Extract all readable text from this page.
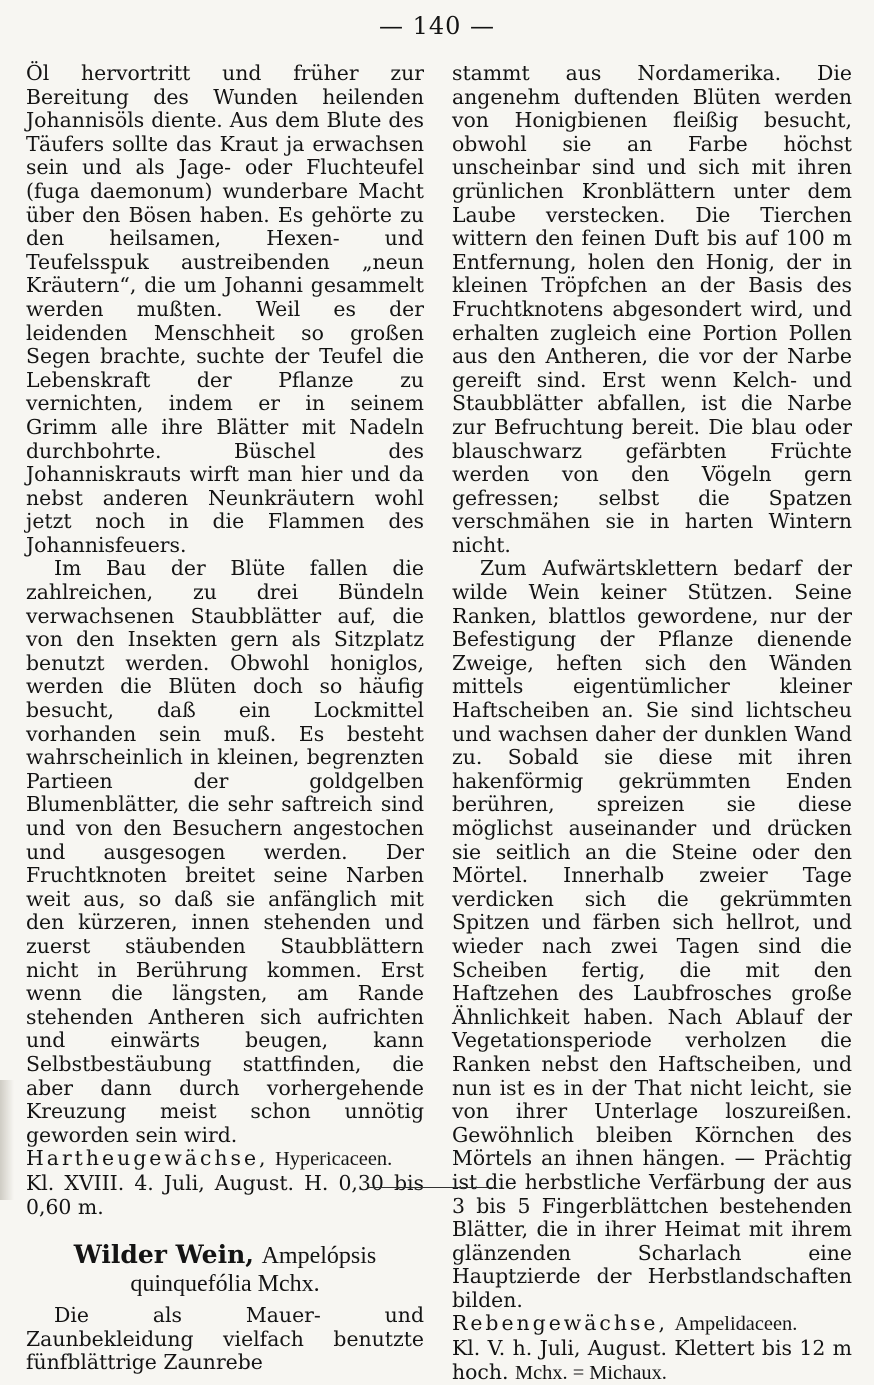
— 140 —

Öl hervortritt und früher zur Bereitung des Wunden heilenden Johannisöls diente. Aus dem Blute des Täufers sollte das Kraut ja erwachsen sein und als Jage- oder Fluchteufel (fuga daemonum) wunderbare Macht über den Bösen haben. Es gehörte zu den heilsamen, Hexen- und Teufelsspuk austreibenden „neun Kräutern“, die um Johanni gesammelt werden mußten. Weil es der leidenden Menschheit so großen Segen brachte, suchte der Teufel die Lebenskraft der Pflanze zu vernichten, indem er in seinem Grimm alle ihre Blätter mit Nadeln durchbohrte. Büschel des Johanniskrauts wirft man hier und da nebst anderen Neunkräutern wohl jetzt noch in die Flammen des Johannisfeuers.

Im Bau der Blüte fallen die zahlreichen, zu drei Bündeln verwachsenen Staubblätter auf, die von den Insekten gern als Sitzplatz benutzt werden. Obwohl honiglos, werden die Blüten doch so häufig besucht, daß ein Lockmittel vorhanden sein muß. Es besteht wahrscheinlich in kleinen, begrenzten Partieen der goldgelben Blumenblätter, die sehr saftreich sind und von den Besuchern angestochen und ausgesogen werden. Der Fruchtknoten breitet seine Narben weit aus, so daß sie anfänglich mit den kürzeren, innen stehenden und zuerst stäubenden Staubblättern nicht in Berührung kommen. Erst wenn die längsten, am Rande stehenden Antheren sich aufrichten und einwärts beugen, kann Selbstbestäubung stattfinden, die aber dann durch vorhergehende Kreuzung meist schon unnötig geworden sein wird.

Hartheugewächse, Hypericaceen.

Kl. XVIII. 4. Juli, August. H. 0,30 bis 0,60 m.

Wilder Wein, Ampelópsis
quinquefólia Mchx.

Die als Mauer- und Zaunbekleidung vielfach benutzte fünfblättrige Zaunrebe

stammt aus Nordamerika. Die angenehm duftenden Blüten werden von Honigbienen fleißig besucht, obwohl sie an Farbe höchst unscheinbar sind und sich mit ihren grünlichen Kronblättern unter dem Laube verstecken. Die Tierchen wittern den feinen Duft bis auf 100 m Entfernung, holen den Honig, der in kleinen Tröpfchen an der Basis des Fruchtknotens abgesondert wird, und erhalten zugleich eine Portion Pollen aus den Antheren, die vor der Narbe gereift sind. Erst wenn Kelch- und Staubblätter abfallen, ist die Narbe zur Befruchtung bereit. Die blau oder blauschwarz gefärbten Früchte werden von den Vögeln gern gefressen; selbst die Spatzen verschmähen sie in harten Wintern nicht.

Zum Aufwärtsklettern bedarf der wilde Wein keiner Stützen. Seine Ranken, blattlos gewordene, nur der Befestigung der Pflanze dienende Zweige, heften sich den Wänden mittels eigentümlicher kleiner Haftscheiben an. Sie sind lichtscheu und wachsen daher der dunklen Wand zu. Sobald sie diese mit ihren hakenförmig gekrümmten Enden berühren, spreizen sie diese möglichst auseinander und drücken sie seitlich an die Steine oder den Mörtel. Innerhalb zweier Tage verdicken sich die gekrümmten Spitzen und färben sich hellrot, und wieder nach zwei Tagen sind die Scheiben fertig, die mit den Haftzehen des Laubfrosches große Ähnlichkeit haben. Nach Ablauf der Vegetationsperiode verholzen die Ranken nebst den Haftscheiben, und nun ist es in der That nicht leicht, sie von ihrer Unterlage loszureißen. Gewöhnlich bleiben Körnchen des Mörtels an ihnen hängen. — Prächtig ist die herbstliche Verfärbung der aus 3 bis 5 Fingerblättchen bestehenden Blätter, die in ihrer Heimat mit ihrem glänzenden Scharlach eine Hauptzierde der Herbstlandschaften bilden.

Rebengewächse, Ampelidaceen.

Kl. V. h. Juli, August. Klettert bis 12 m hoch. Mchx. = Michaux.
